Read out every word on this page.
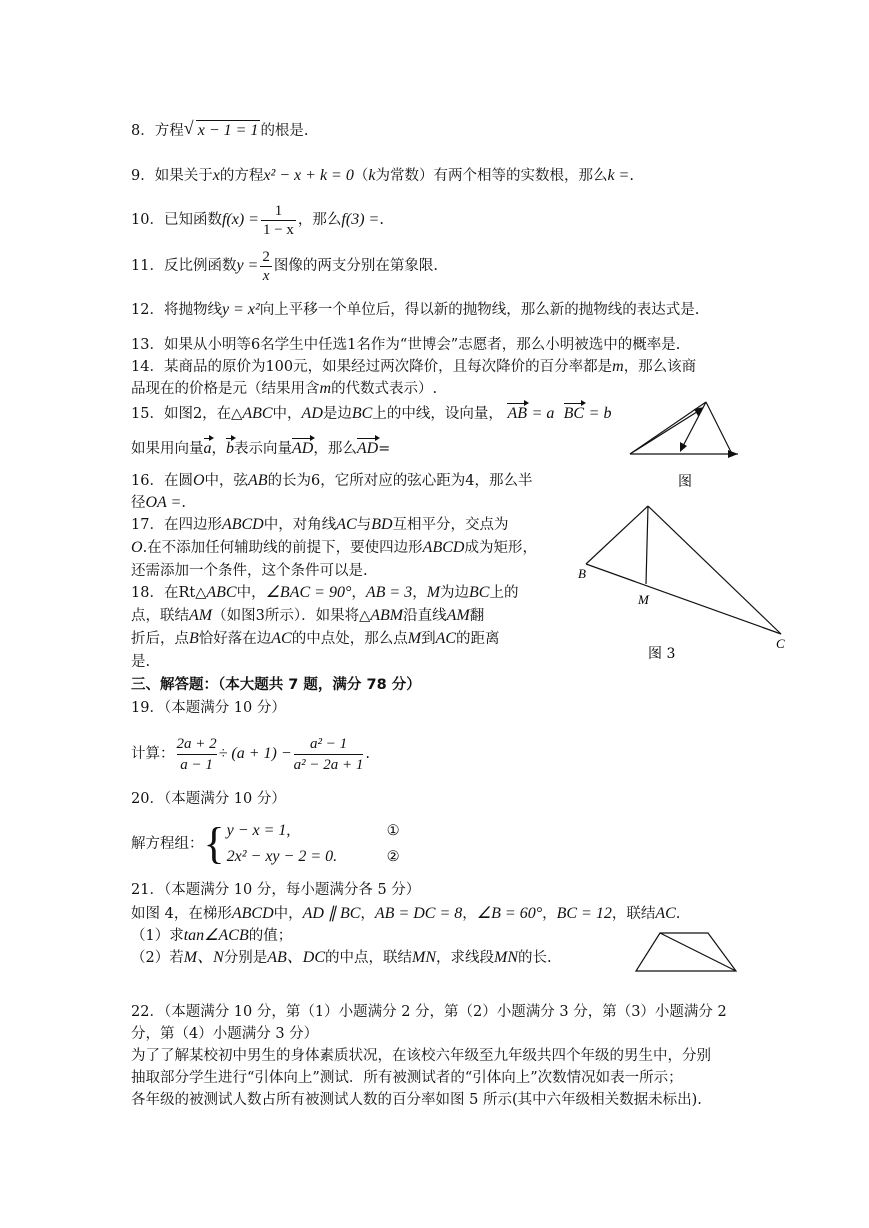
8．方程√ x − 1 = 1 的根是.
9．如果关于x的方程x² − x + k = 0（k为常数）有两个相等的实数根，那么k =.
10．已知函数$f(x) = \frac{1}{1 - x}$ ，那么f(3) =.
11．反比例函数$y = \frac{2}{x}$ 图像的两支分别在第象限.
12．将抛物线y = x²向上平移一个单位后，得以新的抛物线，那么新的抛物线的表达式是.
13．如果从小明等6名学生中任选1名作为“世博会”志愿者，那么小明被选中的概率是.
14．某商品的原价为100元，如果经过两次降价，且每次降价的百分率都是m，那么该商
品现在的价格是元（结果用含m的代数式表示）.
15．如图2，在△ABC中，AD是边BC上的中线，设向量， AB = a BC = b
如果用向量a，b表示向量AD，那么AD=
图
16．在圆O中，弦AB的长为6，它所对应的弦心距为4，那么半
径OA =.
17．在四边形ABCD中，对角线AC与BD互相平分，交点为
O.在不添加任何辅助线的前提下，要使四边形ABCD成为矩形，
还需添加一个条件，这个条件可以是.
18．在Rt△ABC中，∠BAC = 90°，AB = 3，M为边BC上的
点，联结AM（如图3所示）．如果将△ABM沿直线AM翻
折后，点B恰好落在边AC的中点处，那么点M到AC的距离
是.
B
M
C
图 3
三、解答题：（本大题共 7 题，满分 78 分）
19．（本题满分 10 分）
计算： $\frac{2a + 2}{a - 1} \div (a + 1) - \frac{\text{a² − 1}}{\text{a² − 2a + 1}}$ .
20．（本题满分 10 分）
解方程组：{ y − x = 1,	①
2x² − xy − 2 = 0.	②
21．（本题满分 10 分，每小题满分各 5 分）
如图 4，在梯形ABCD中，AD ∥ BC，AB = DC = 8，∠B = 60°，BC = 12，联结AC.
（1）求tan∠ACB的值；
（2）若M、N分别是AB、DC的中点，联结MN，求线段MN的长.
22．（本题满分 10 分，第（1）小题满分 2 分，第（2）小题满分 3 分，第（3）小题满分 2
分，第（4）小题满分 3 分）
为了了解某校初中男生的身体素质状况，在该校六年级至九年级共四个年级的男生中，分别
抽取部分学生进行“引体向上”测试．所有被测试者的“引体向上”次数情况如表一所示；
各年级的被测试人数占所有被测试人数的百分率如图 5 所示(其中六年级相关数据未标出).
